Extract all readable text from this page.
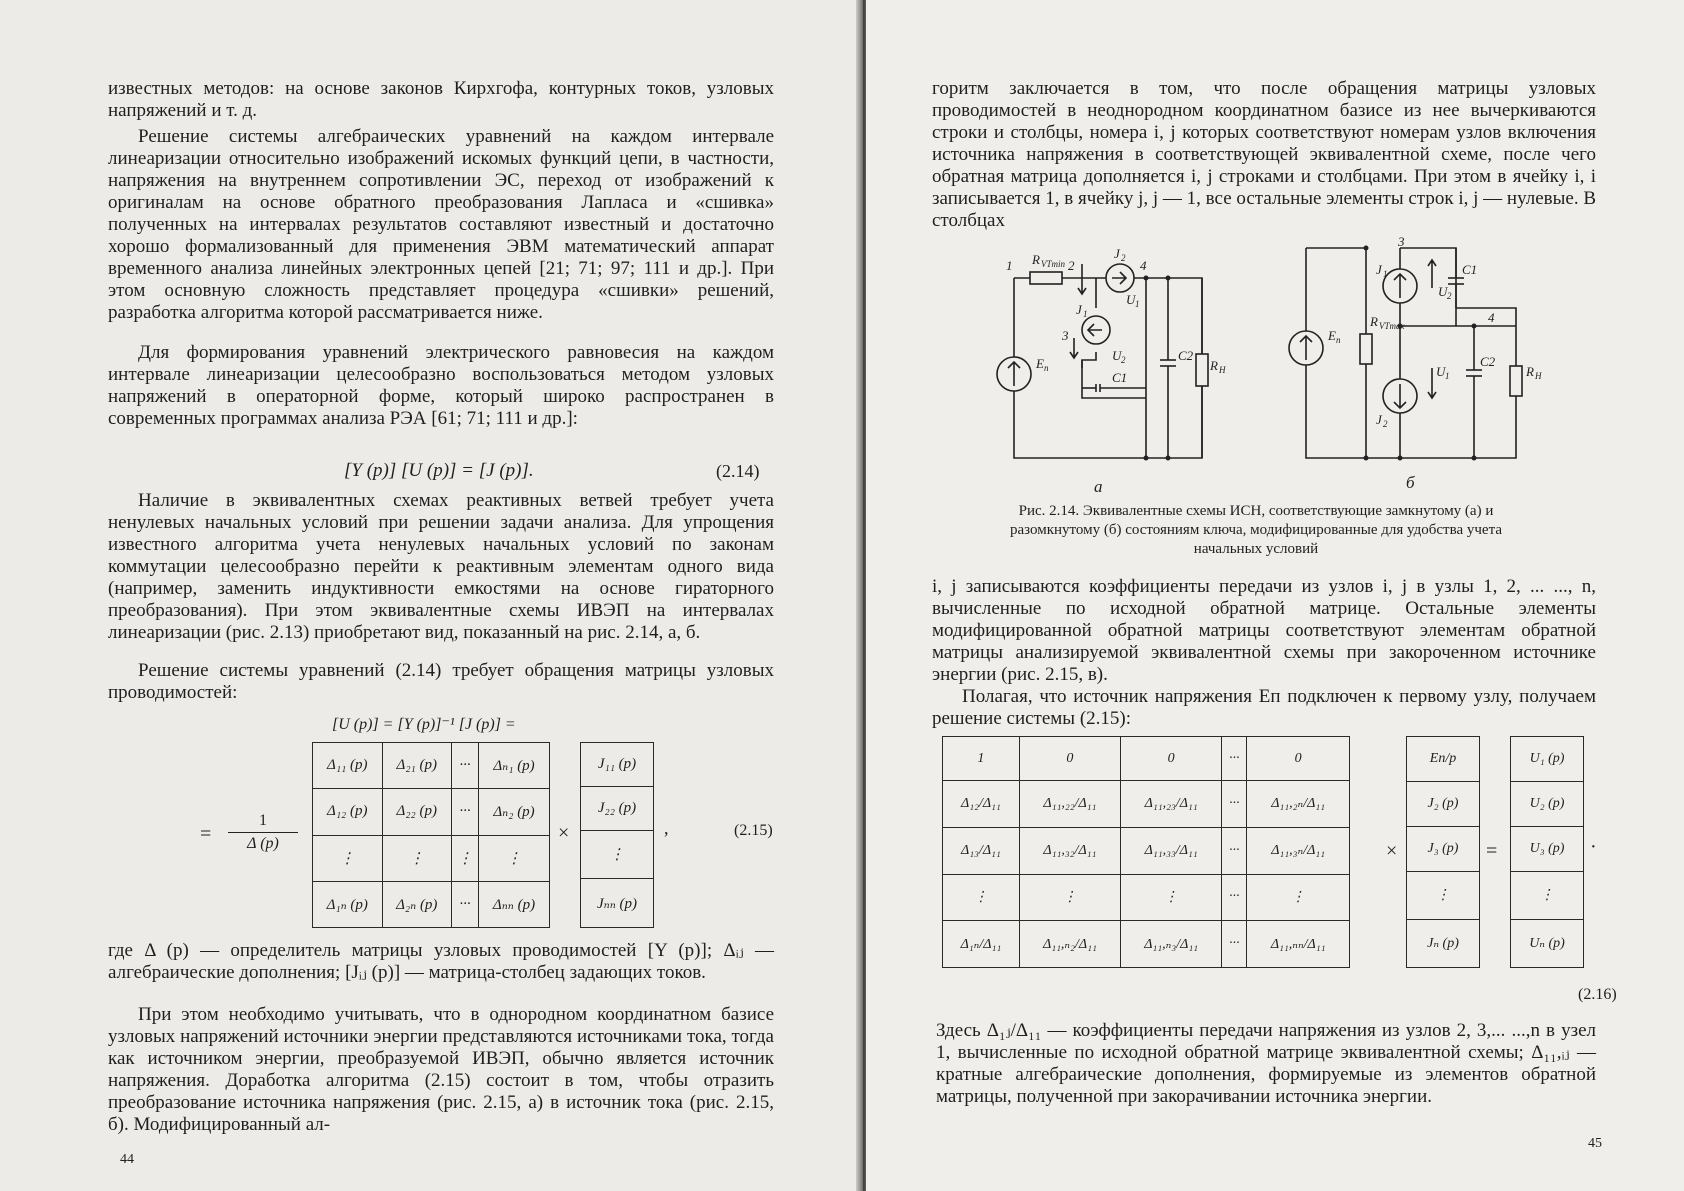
известных методов: на основе законов Кирхгофа, контурных токов, узловых напряжений и т. д.
Решение системы алгебраических уравнений на каждом интервале линеаризации относительно изображений искомых функций цепи, в частности, напряжения на внутреннем сопротивлении ЭС, переход от изображений к оригиналам на основе обратного преобразования Лапласа и «сшивка» полученных на интервалах результатов составляют известный и достаточно хорошо формализованный для применения ЭВМ математический аппарат временного анализа линейных электронных цепей [21; 71; 97; 111 и др.]. При этом основную сложность представляет процедура «сшивки» решений, разработка алгоритма которой рассматривается ниже.
Для формирования уравнений электрического равновесия на каждом интервале линеаризации целесообразно воспользоваться методом узловых напряжений в операторной форме, который широко распространен в современных программах анализа РЭА [61; 71; 111 и др.]:
[Y (p)] [U (p)] = [J (p)].	(2.14)
Наличие в эквивалентных схемах реактивных ветвей требует учета ненулевых начальных условий при решении задачи анализа. Для упрощения известного алгоритма учета ненулевых начальных условий по законам коммутации целесообразно перейти к реактивным элементам одного вида (например, заменить индуктивности емкостями на основе гираторного преобразования). При этом эквивалентные схемы ИВЭП на интервалах линеаризации (рис. 2.13) приобретают вид, показанный на рис. 2.14, а, б.
Решение системы уравнений (2.14) требует обращения матрицы узловых проводимостей:
[U (p)] = [Y (p)]⁻¹ [J (p)] =
=
1
Δ (p)
Δ₁₁ (p)	Δ₂₁ (p)	···	Δₙ₁ (p)
Δ₁₂ (p)	Δ₂₂ (p)	···	Δₙ₂ (p)
⋮	⋮	⋮	⋮
Δ₁ₙ (p)	Δ₂ₙ (p)	···	Δₙₙ (p)
×
J₁₁ (p)
J₂₂ (p)
⋮
Jₙₙ (p)
,	(2.15)
где Δ (p) — определитель матрицы узловых проводимостей [Y (p)]; Δᵢⱼ — алгебраические дополнения; [Jᵢⱼ (p)] — матрица-столбец задающих токов.
При этом необходимо учитывать, что в однородном координатном базисе узловых напряжений источники энергии представляются источниками тока, тогда как источником энергии, преобразуемой ИВЭП, обычно является источник напряжения. Доработка алгоритма (2.15) состоит в том, чтобы отразить преобразование источника напряжения (рис. 2.15, а) в источник тока (рис. 2.15, б). Модифицированный ал-
44
горитм заключается в том, что после обращения матрицы узловых проводимостей в неоднородном координатном базисе из нее вычеркиваются строки и столбцы, номера i, j которых соответствуют номерам узлов включения источника напряжения в соответствующей эквивалентной схеме, после чего обратная матрица дополняется i, j строками и столбцами. При этом в ячейку i, i записывается 1, в ячейку j, j — 1, все остальные элементы строк i, j — нулевые. В столбцах
1	2
3
4
R VTmin
J 2
U 1
J 1
U 2
C1
C2
R Н
E п
а
3
4
E п
R VTmax
J 1
U 2
C1
U 1
C2
R Н
J 2
б
Рис. 2.14. Эквивалентные схемы ИСН, соответствующие замкнутому (а) и разомкнутому (б) состояниям ключа, модифицированные для удобства учета начальных условий
i, j записываются коэффициенты передачи из узлов i, j в узлы 1, 2, ... ..., n, вычисленные по исходной обратной матрице. Остальные элементы модифицированной обратной матрицы соответствуют элементам обратной матрицы анализируемой эквивалентной схемы при закороченном источнике энергии (рис. 2.15, в).
Полагая, что источник напряжения Eп подключен к первому узлу, получаем решение системы (2.15):
1	0	0	···	0
Δ₁₂/Δ₁₁	Δ₁₁,₂₂/Δ₁₁	Δ₁₁,₂₃/Δ₁₁	···	Δ₁₁,₂ₙ/Δ₁₁
Δ₁₃/Δ₁₁	Δ₁₁,₃₂/Δ₁₁	Δ₁₁,₃₃/Δ₁₁	···	Δ₁₁,₃ₙ/Δ₁₁
⋮	⋮	⋮	···	⋮
Δ₁ₙ/Δ₁₁	Δ₁₁,ₙ₂/Δ₁₁	Δ₁₁,ₙ₃/Δ₁₁	···	Δ₁₁,ₙₙ/Δ₁₁
×
Eп/p
J₂ (p)
J₃ (p)
⋮
Jₙ (p)
=
U₁ (p)
U₂ (p)
U₃ (p)
⋮
Uₙ (p)
·
(2.16)
Здесь Δ₁ⱼ/Δ₁₁ — коэффициенты передачи напряжения из узлов 2, 3,... ...,n в узел 1, вычисленные по исходной обратной матрице эквивалентной схемы; Δ₁₁,ᵢⱼ — кратные алгебраические дополнения, формируемые из элементов обратной матрицы, полученной при закорачивании источника энергии.
45
